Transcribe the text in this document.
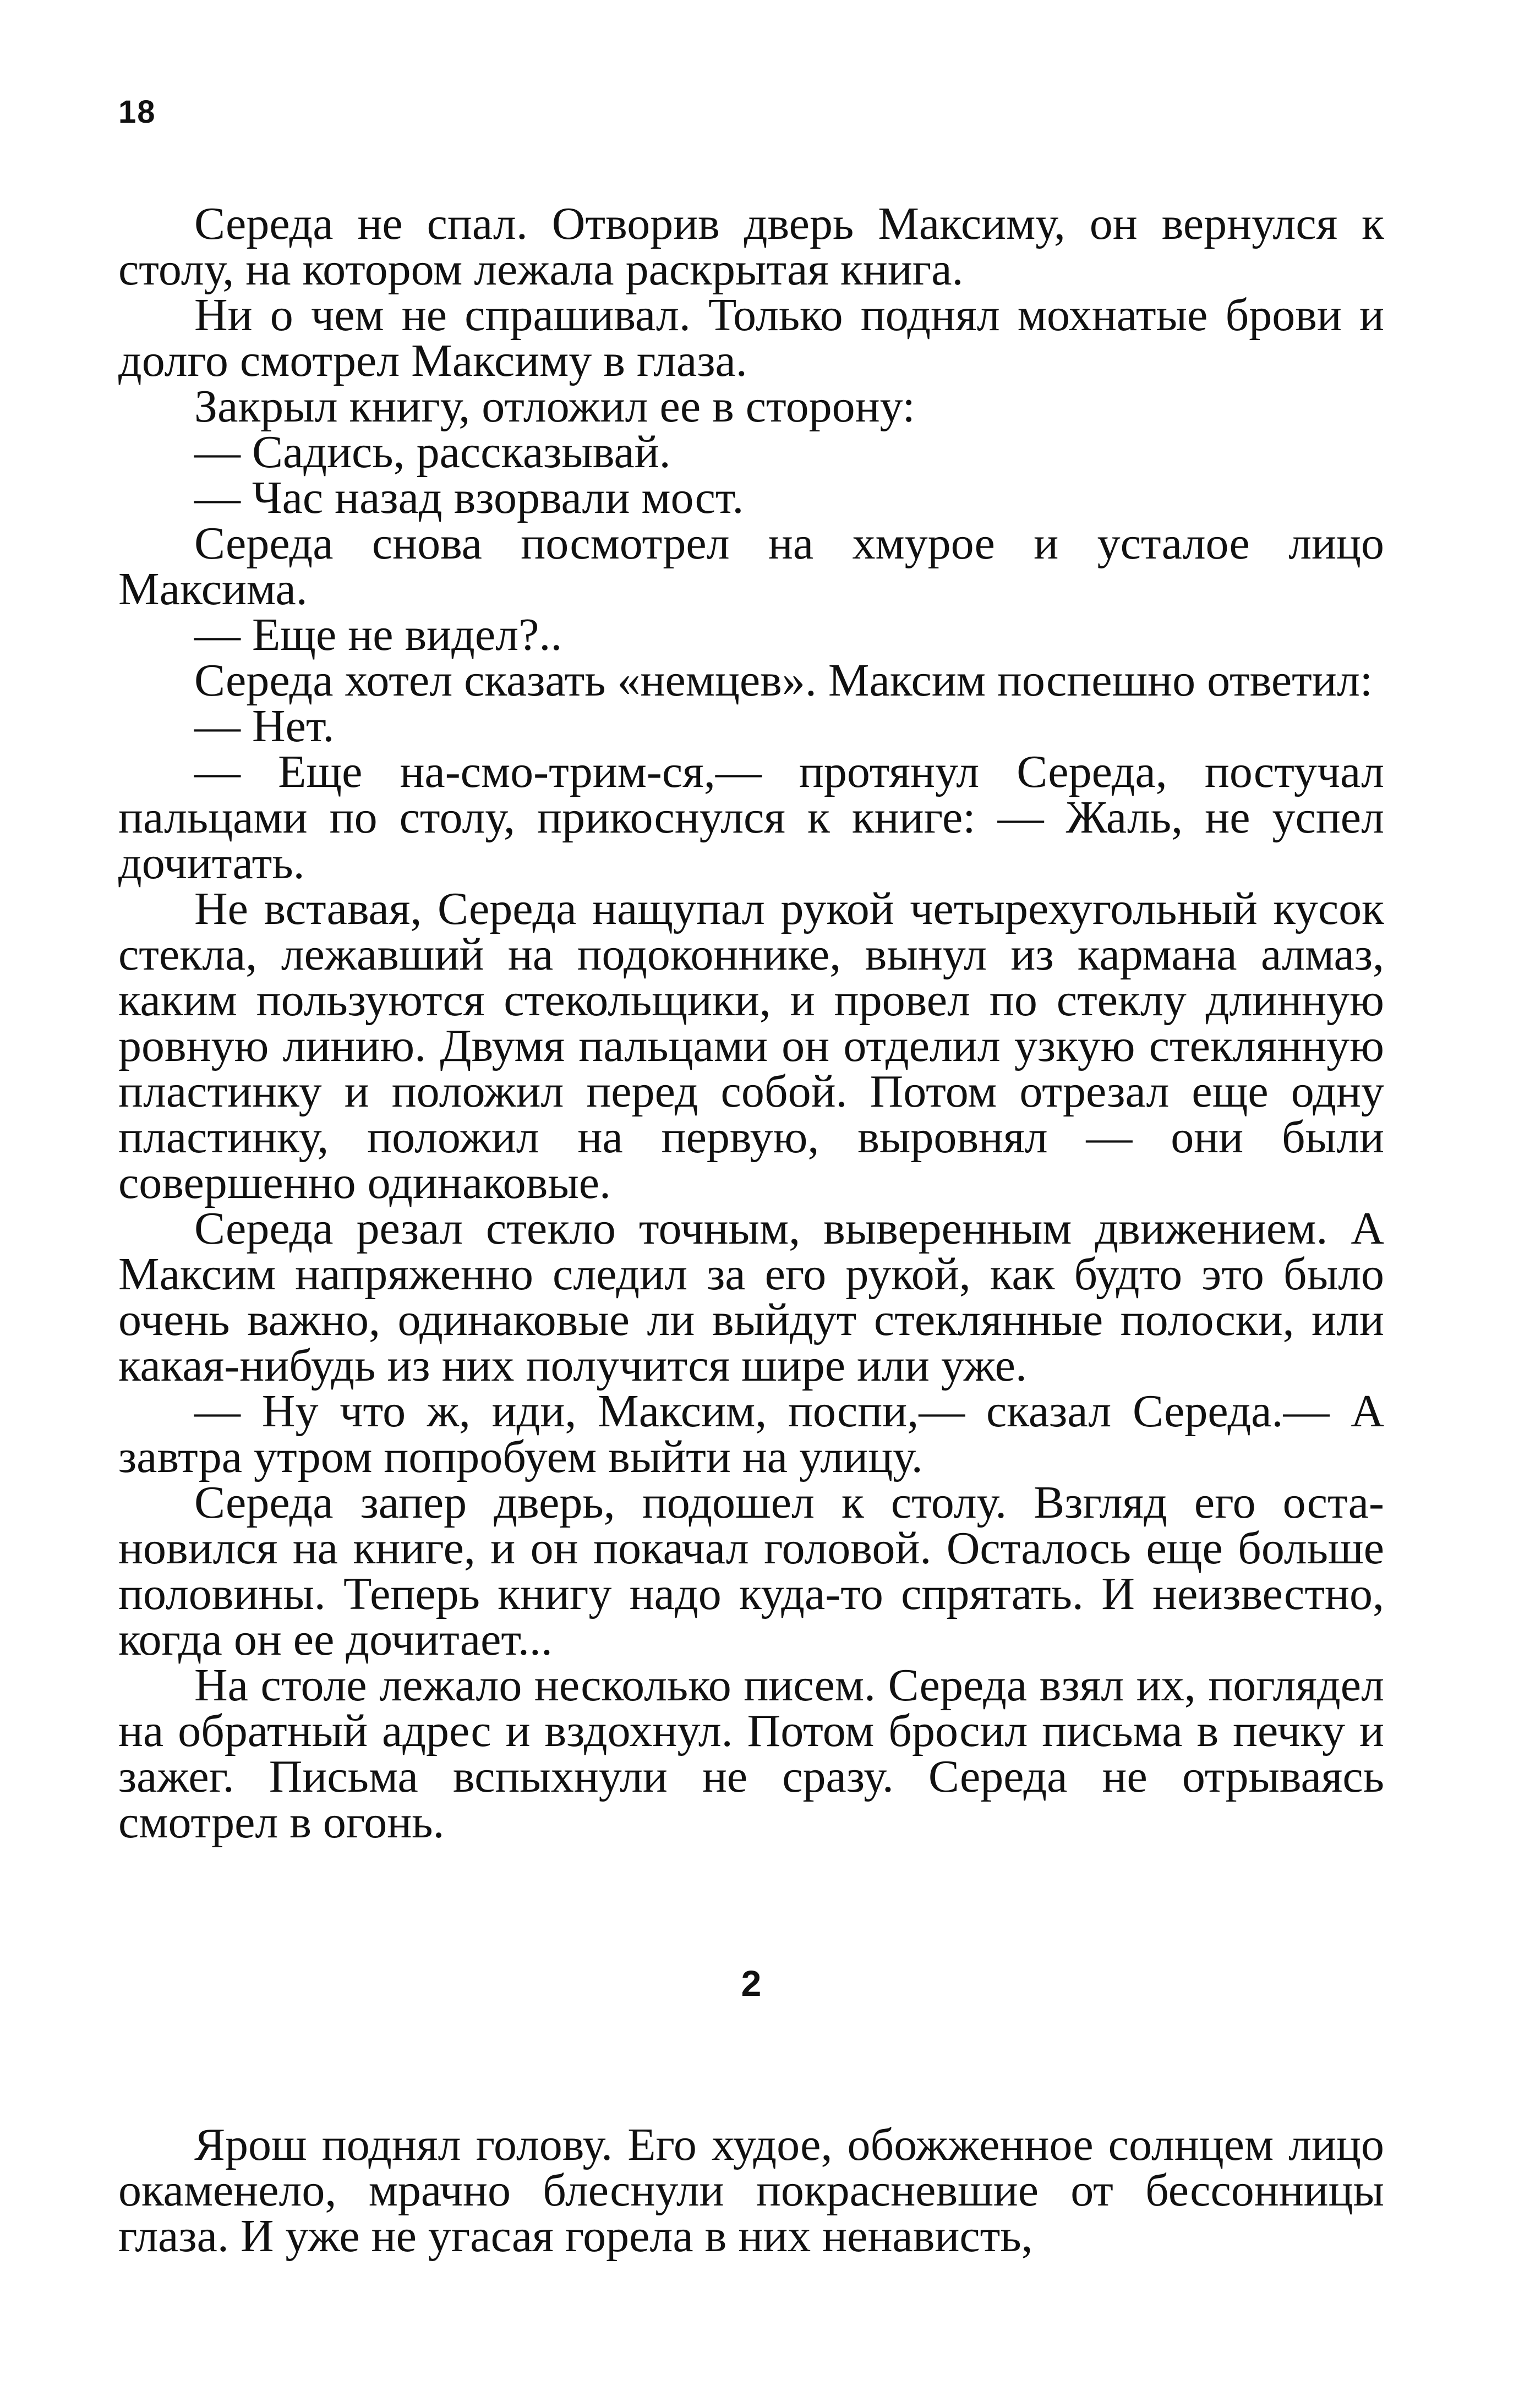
18

Середа не спал. Отворив дверь Максиму, он вернулся к столу, на котором лежала раскрытая книга.

Ни о чем не спрашивал. Только поднял мохнатые брови и долго смотрел Максиму в глаза.

Закрыл книгу, отложил ее в сторону:

— Садись, рассказывай.

— Час назад взорвали мост.

Середа снова посмотрел на хмурое и усталое лицо Максима.

— Еще не видел?..

Середа хотел сказать «немцев». Максим поспешно ответил:

— Нет.

— Еще на-смо-трим-ся,— протянул Середа, постучал пальцами по столу, прикоснулся к книге: — Жаль, не успел дочитать.

Не вставая, Середа нащупал рукой четырехугольный кусок стекла, лежавший на подоконнике, вынул из кармана алмаз, каким пользуются стекольщики, и провел по стеклу длинную ровную линию. Двумя пальцами он отделил узкую стеклянную пластинку и положил перед собой. Потом отрезал еще одну пластинку, положил на первую, выровнял — они были совершенно одинаковые.

Середа резал стекло точным, выверенным движением. А Максим напряженно следил за его рукой, как будто это было очень важно, одинаковые ли выйдут стеклянные полоски, или какая-нибудь из них получится шире или уже.

— Ну что ж, иди, Максим, поспи,— сказал Середа.— А завтра утром попробуем выйти на улицу.

Середа запер дверь, подошел к столу. Взгляд его остановился на книге, и он покачал головой. Осталось еще больше половины. Теперь книгу надо куда-то спрятать. И неизвестно, когда он ее дочитает...

На столе лежало несколько писем. Середа взял их, поглядел на обратный адрес и вздохнул. Потом бросил письма в печку и зажег. Письма вспыхнули не сразу. Середа не отрываясь смотрел в огонь.

2

Ярош поднял голову. Его худое, обожженное солнцем лицо окаменело, мрачно блеснули покрасневшие от бессонницы глаза. И уже не угасая горела в них ненависть,
